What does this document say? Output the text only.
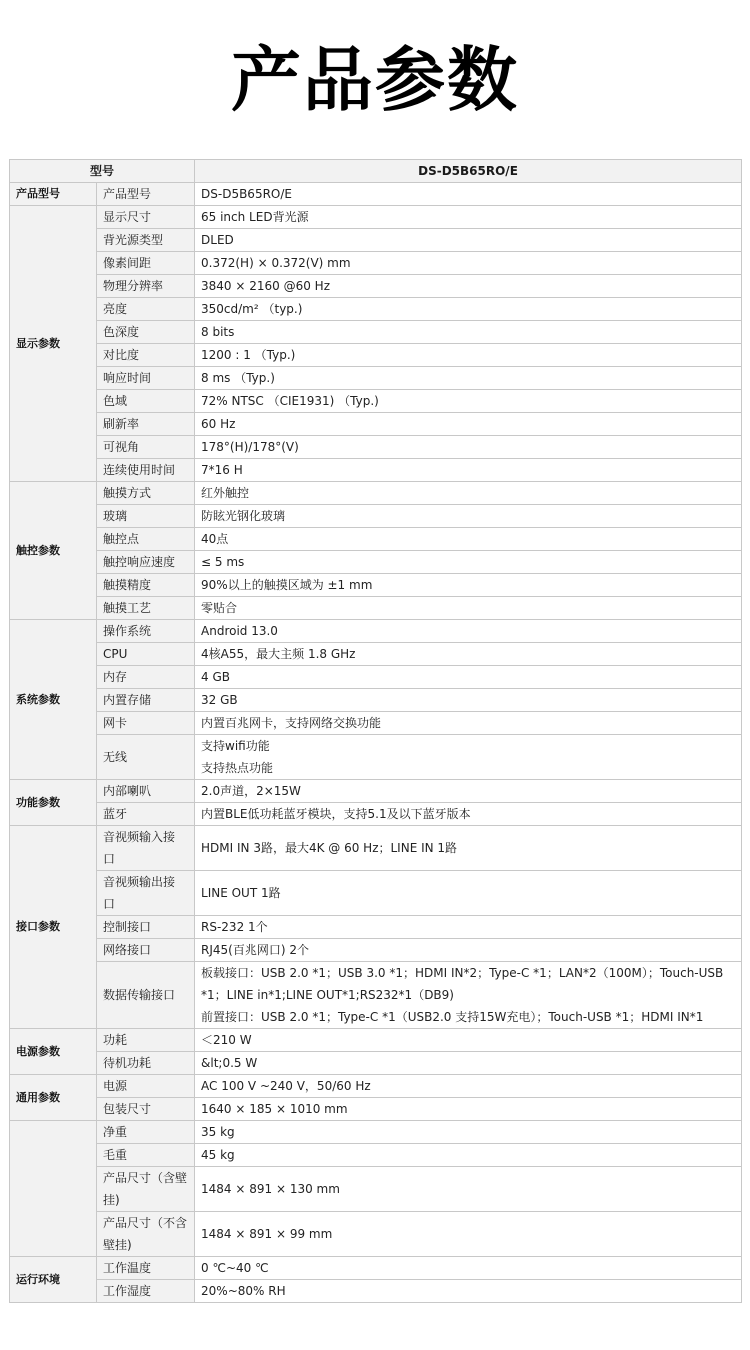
产品参数
型号		DS-D5B65RO/E
产品型号	产品型号	DS-D5B65RO/E
显示参数	显示尺寸	65 inch LED背光源
	背光源类型	DLED
	像素间距	0.372(H) × 0.372(V) mm
	物理分辨率	3840 × 2160 @60 Hz
	亮度	350cd/m² （typ.)
	色深度	8 bits
	对比度	1200 : 1 （Typ.)
	响应时间	8 ms （Typ.)
	色域	72% NTSC （CIE1931) （Typ.)
	刷新率	60 Hz
	可视角	178°(H)/178°(V)
	连续使用时间	7*16 H
触控参数	触摸方式	红外触控
	玻璃	防眩光钢化玻璃
	触控点	40点
	触控响应速度	≤ 5 ms
	触摸精度	90%以上的触摸区域为 ±1 mm
	触摸工艺	零贴合
系统参数	操作系统	Android 13.0
	CPU	4核A55，最大主频 1.8 GHz
	内存	4 GB
	内置存储	32 GB
	网卡	内置百兆网卡，支持网络交换功能
	无线	支持wifi功能
支持热点功能

功能参数	内部喇叭	2.0声道，2×15W
	蓝牙	内置BLE低功耗蓝牙模块，支持5.1及以下蓝牙版本
接口参数	音视频输入接
口	HDMI IN 3路，最大4K @ 60 Hz；LINE IN 1路

	音视频输出接
口	LINE OUT 1路
	控制接口	RS-232 1个
	网络接口	RJ45(百兆网口) 2个
	数据传输接口	板载接口：USB 2.0 *1；USB 3.0 *1；HDMI IN*2；Type-C *1；LAN*2（100M）；Touch-USB
*1；LINE in*1;LINE OUT*1;RS232*1（DB9)
前置接口：USB 2.0 *1；Type-C *1（USB2.0 支持15W充电）；Touch-USB *1；HDMI IN*1

电源参数	功耗	＜210 W
	待机功耗	&lt;0.5 W
通用参数	电源	AC 100 V ~240 V，50/60 Hz
	包装尺寸	1640 × 185 × 1010 mm
	净重	35 kg
	毛重	45 kg

	产品尺寸（含壁
挂)	1484 × 891 × 130 mm

	产品尺寸（不含
壁挂)	1484 × 891 × 99 mm
运行环境	工作温度	0 ℃~40 ℃
	工作湿度	20%~80% RH
